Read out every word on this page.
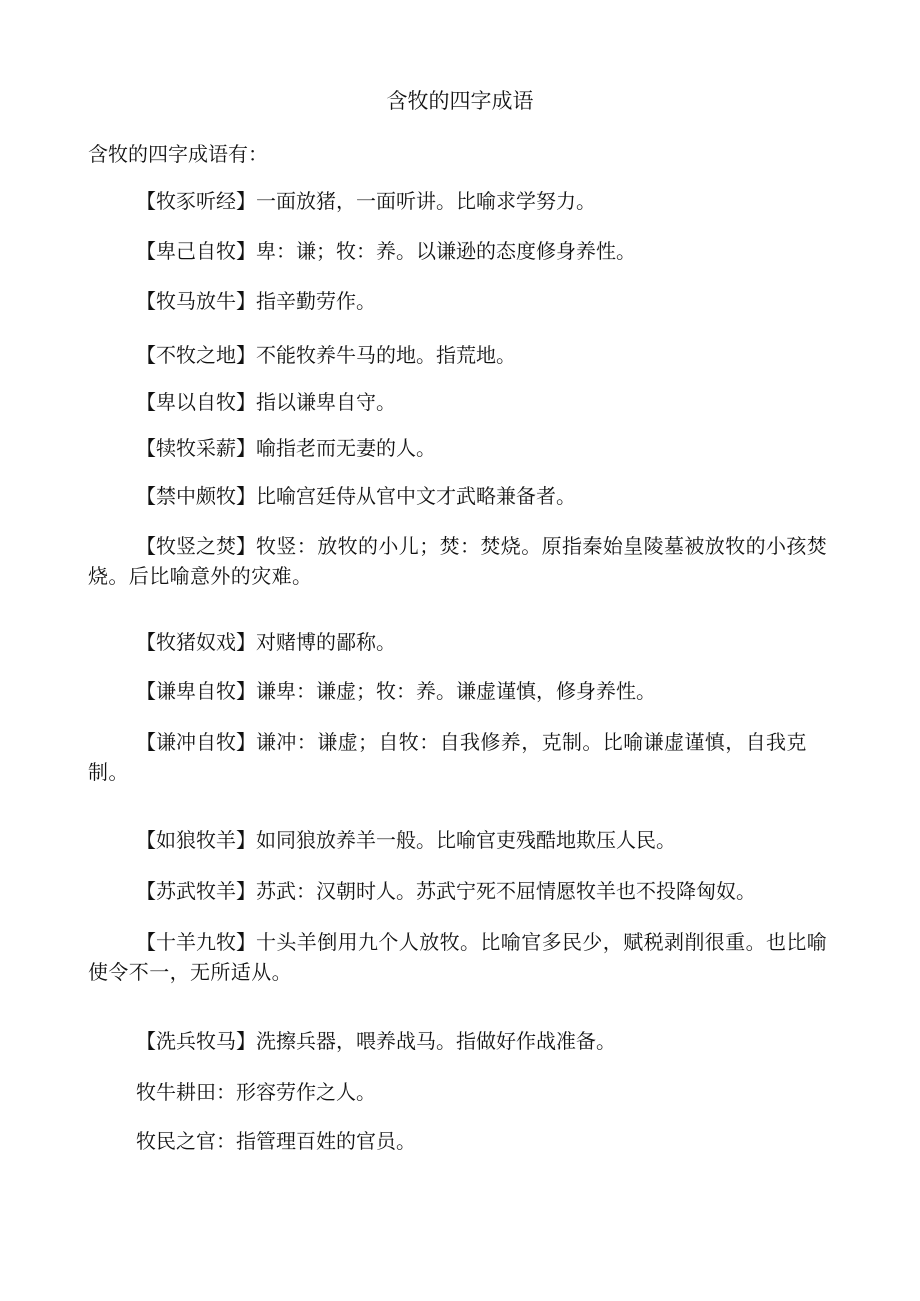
含牧的四字成语

含牧的四字成语有：

【牧豕听经】一面放猪，一面听讲。比喻求学努力。

【卑己自牧】卑：谦；牧：养。以谦逊的态度修身养性。

【牧马放牛】指辛勤劳作。

【不牧之地】不能牧养牛马的地。指荒地。

【卑以自牧】指以谦卑自守。

【犊牧采薪】喻指老而无妻的人。

【禁中颇牧】比喻宫廷侍从官中文才武略兼备者。

【牧竖之焚】牧竖：放牧的小儿；焚：焚烧。原指秦始皇陵墓被放牧的小孩焚烧。后比喻意外的灾难。

【牧猪奴戏】对赌博的鄙称。

【谦卑自牧】谦卑：谦虚；牧：养。谦虚谨慎，修身养性。

【谦冲自牧】谦冲：谦虚；自牧：自我修养，克制。比喻谦虚谨慎，自我克制。

【如狼牧羊】如同狼放养羊一般。比喻官吏残酷地欺压人民。

【苏武牧羊】苏武：汉朝时人。苏武宁死不屈情愿牧羊也不投降匈奴。

【十羊九牧】十头羊倒用九个人放牧。比喻官多民少，赋税剥削很重。也比喻使令不一，无所适从。

【洗兵牧马】洗擦兵器，喂养战马。指做好作战准备。

牧牛耕田：形容劳作之人。

牧民之官：指管理百姓的官员。
